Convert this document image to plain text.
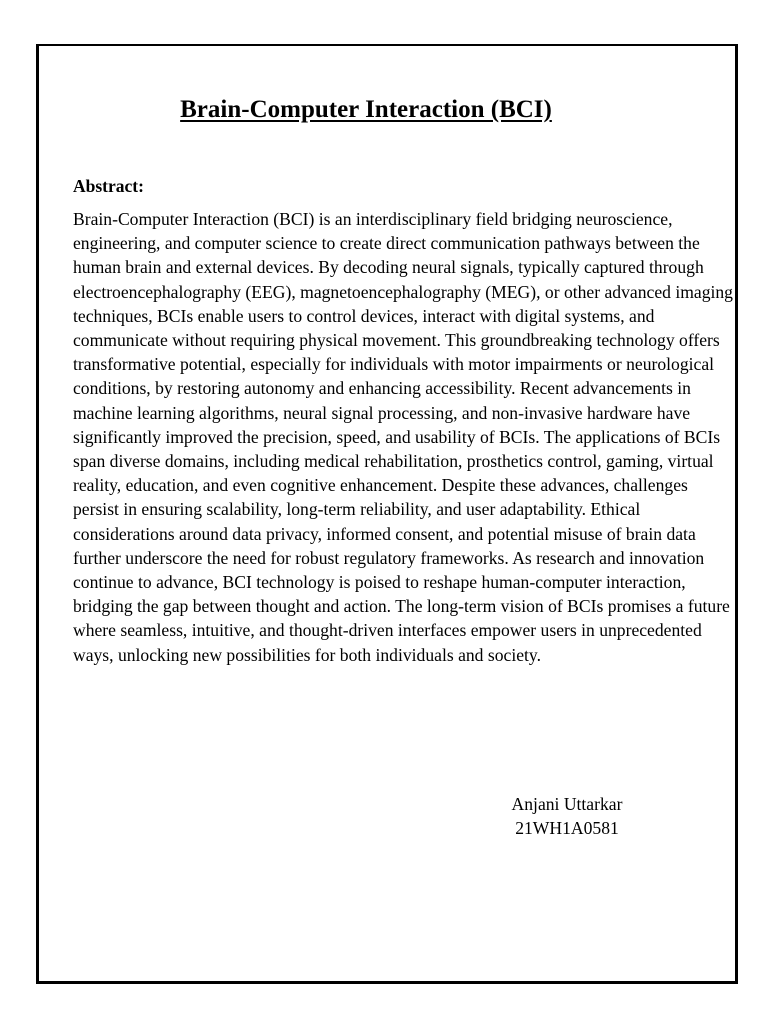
Brain-Computer Interaction (BCI)
Abstract:

Brain-Computer Interaction (BCI) is an interdisciplinary field bridging neuroscience, engineering, and computer science to create direct communication pathways between the human brain and external devices. By decoding neural signals, typically captured through electroencephalography (EEG), magnetoencephalography (MEG), or other advanced imaging techniques, BCIs enable users to control devices, interact with digital systems, and communicate without requiring physical movement. This groundbreaking technology offers transformative potential, especially for individuals with motor impairments or neurological conditions, by restoring autonomy and enhancing accessibility. Recent advancements in machine learning algorithms, neural signal processing, and non-invasive hardware have significantly improved the precision, speed, and usability of BCIs. The applications of BCIs span diverse domains, including medical rehabilitation, prosthetics control, gaming, virtual reality, education, and even cognitive enhancement. Despite these advances, challenges persist in ensuring scalability, long-term reliability, and user adaptability. Ethical considerations around data privacy, informed consent, and potential misuse of brain data further underscore the need for robust regulatory frameworks. As research and innovation continue to advance, BCI technology is poised to reshape human-computer interaction, bridging the gap between thought and action. The long-term vision of BCIs promises a future where seamless, intuitive, and thought-driven interfaces empower users in unprecedented ways, unlocking new possibilities for both individuals and society.

Anjani Uttarkar
21WH1A0581
